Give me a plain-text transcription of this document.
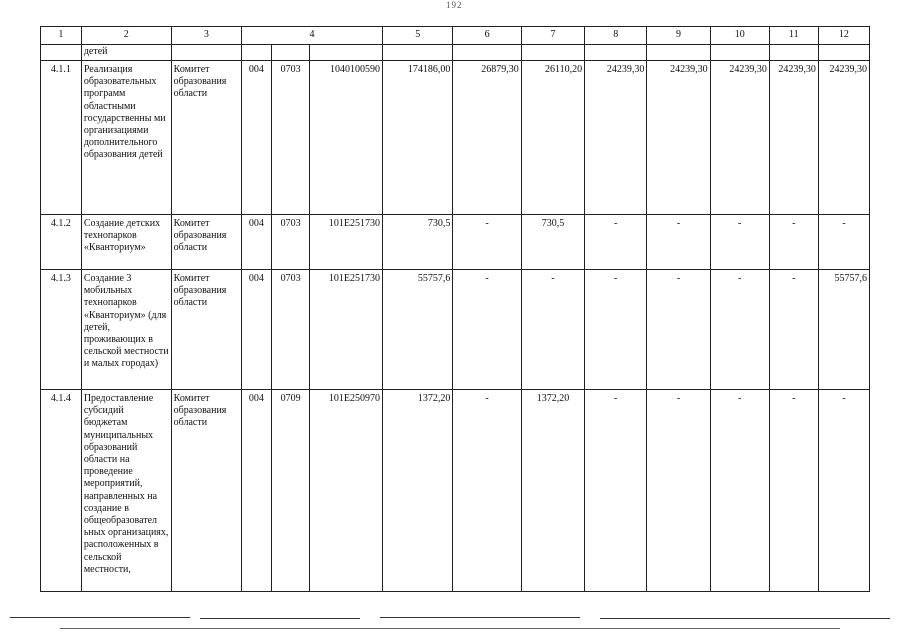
192
1	2	3	4			5	6	7	8	9	10	11	12
	детей												
4.1.1	Реализация образовательных программ областными государственны ми организациями дополнительного образования детей	Комитет образования области	004	0703	1040100590	174186,00	26879,30	26110,20	24239,30	24239,30	24239,30	24239,30	24239,30
4.1.2	Создание детских технопарков «Кванториум»	Комитет образования области	004	0703	101E251730	730,5	-	730,5	-	-	-	-	-
4.1.3	Создание 3 мобильных технопарков «Кванториум» (для детей, проживающих в сельской местности и малых городах)	Комитет образования области	004	0703	101E251730	55757,6	-	-	-	-	-	-	55757,6
4.1.4	Предоставление субсидий бюджетам муниципальных образований области на проведение мероприятий, направленных на создание в общеобразовател ьных организациях, расположенных в сельской местности,	Комитет образования области	004	0709	101E250970	1372,20	-	1372,20	-	-	-	-	-
